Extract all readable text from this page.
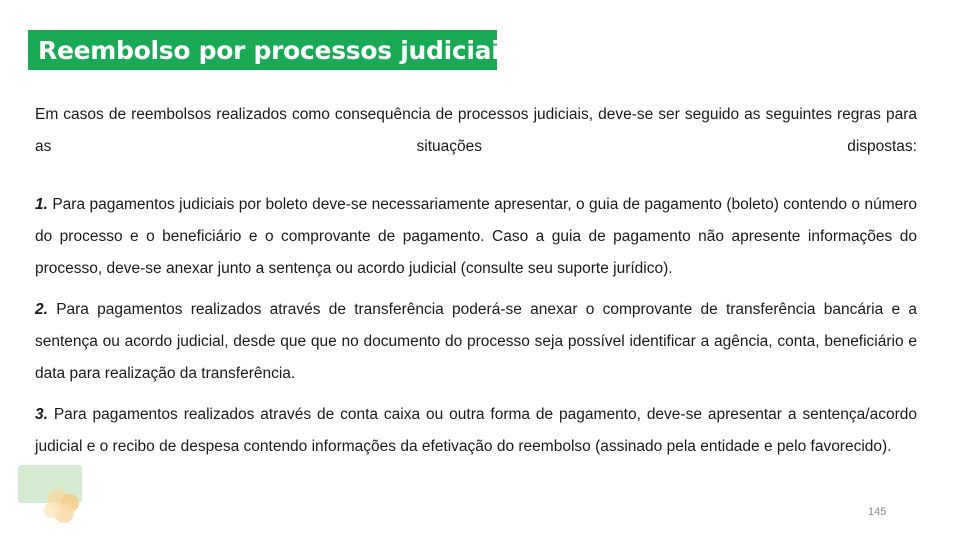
Reembolso por processos judiciais

Em casos de reembolsos realizados como consequência de processos judiciais, deve-se ser seguido as seguintes regras para as situações dispostas:

1. Para pagamentos judiciais por boleto deve-se necessariamente apresentar, o guia de pagamento (boleto) contendo o número do processo e o beneficiário e o comprovante de pagamento. Caso a guia de pagamento não apresente informações do processo, deve-se anexar junto a sentença ou acordo judicial (consulte seu suporte jurídico).

2. Para pagamentos realizados através de transferência poderá-se anexar o comprovante de transferência bancária e a sentença ou acordo judicial, desde que que no documento do processo seja possível identificar a agência, conta, beneficiário e data para realização da transferência.

3. Para pagamentos realizados através de conta caixa ou outra forma de pagamento, deve-se apresentar a sentença/acordo judicial e o recibo de despesa contendo informações da efetivação do reembolso (assinado pela entidade e pelo favorecido).

145
